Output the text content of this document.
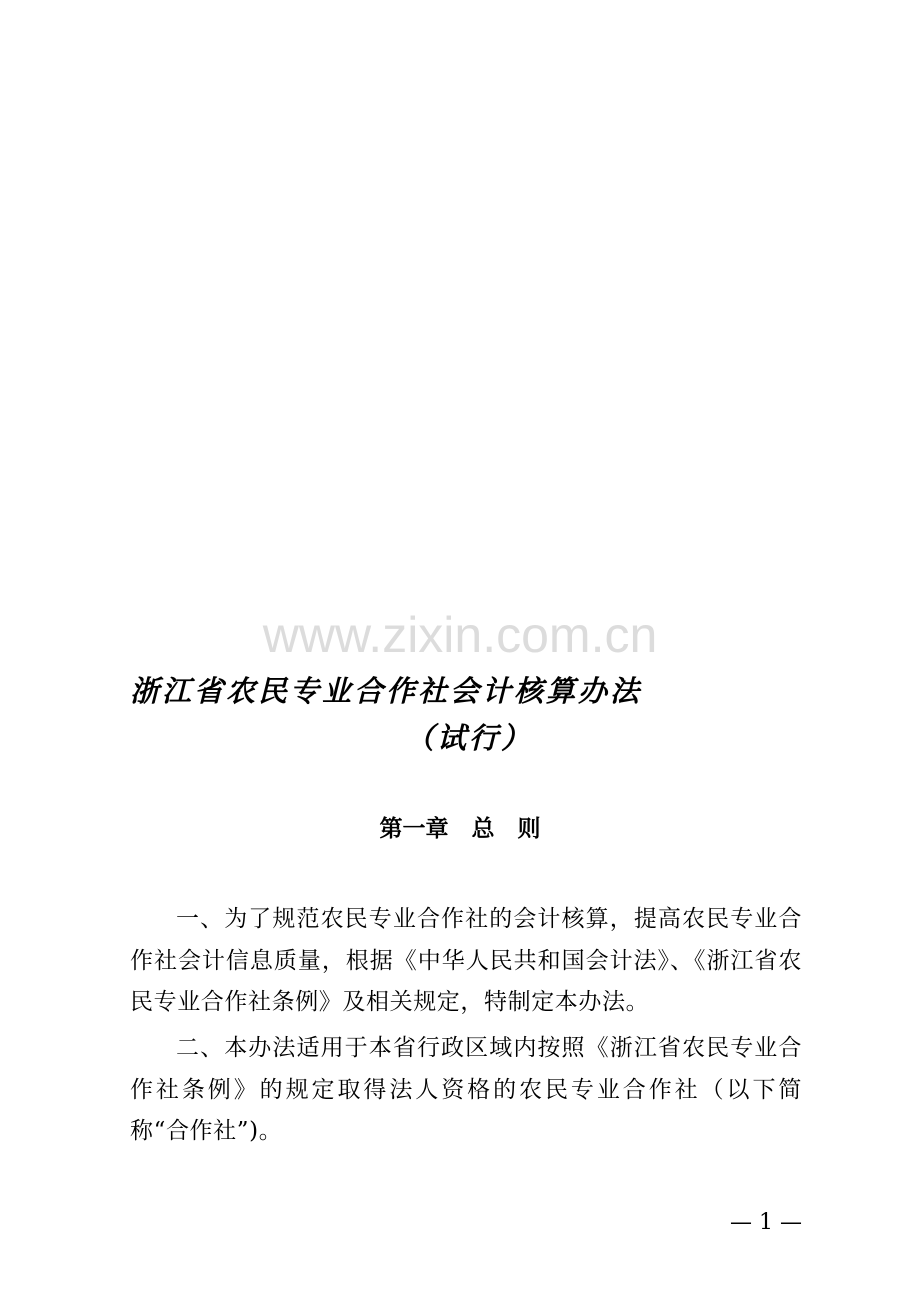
www.zixin.com.cn
浙江省农民专业合作社会计核算办法
（试行）
第一章　总　则
一、为了规范农民专业合作社的会计核算，提高农民专业合作社会计信息质量，根据《中华人民共和国会计法》、《浙江省农民专业合作社条例》及相关规定，特制定本办法。
二、本办法适用于本省行政区域内按照《浙江省农民专业合作社条例》的规定取得法人资格的农民专业合作社（以下简称“合作社”)。
— 1 —
